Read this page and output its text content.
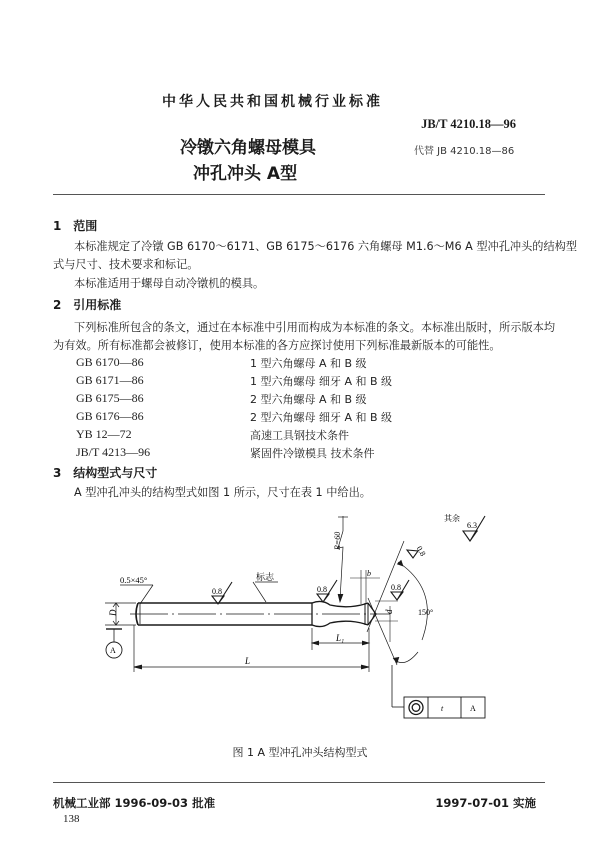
中华人民共和国机械行业标准
JB/T 4210.18—96
冷镦六角螺母模具
冲孔冲头 A型
代替 JB 4210.18—86
1 范围
本标准规定了冷镦 GB 6170～6171、GB 6175～6176 六角螺母 M1.6～M6 A 型冲孔冲头的结构型
式与尺寸、技术要求和标记。
本标准适用于螺母自动冷镦机的模具。
2 引用标准
下列标准所包含的条文，通过在本标准中引用而构成为本标准的条文。本标准出版时，所示版本均
为有效。所有标准都会被修订，使用本标准的各方应探讨使用下列标准最新版本的可能性。
GB 6170—86	1 型六角螺母 A 和 B 级
GB 6171—86	1 型六角螺母 细牙 A 和 B 级
GB 6175—86	2 型六角螺母 A 和 B 级
GB 6176—86	2 型六角螺母 细牙 A 和 B 级
YB 12—72	高速工具钢技术条件
JB/T 4213—96	紧固件冷镦模具 技术条件
3 结构型式与尺寸
A 型冲孔冲头的结构型式如图 1 所示，尺寸在表 1 中给出。
0.5×45°	标志
0.8	0.8	0.8
0.8
6.3
其余
R=60
D	d
L
L₁
b
150°
A
t	A
图 1 A 型冲孔冲头结构型式
机械工业部 1996-09-03 批准	1997-07-01 实施
138
